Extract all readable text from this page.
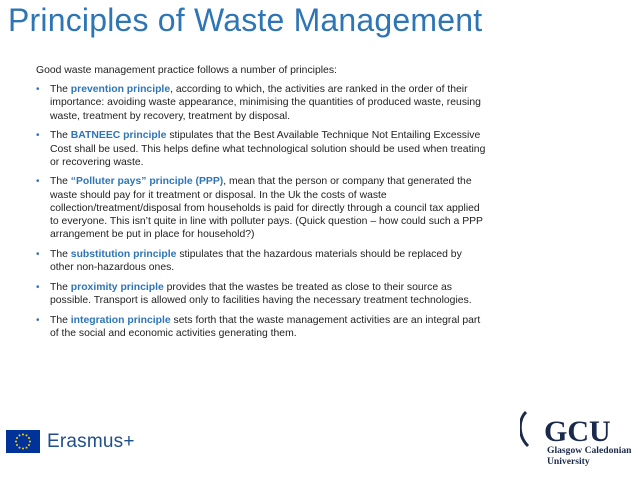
Principles of Waste Management

Good waste management practice follows a number of principles:

• The prevention principle, according to which, the activities are ranked in the order of their importance: avoiding waste appearance, minimising the quantities of produced waste, reusing waste, treatment by recovery, treatment by disposal.
• The BATNEEC principle stipulates that the Best Available Technique Not Entailing Excessive Cost shall be used. This helps define what technological solution should be used when treating or recovering waste.
• The “Polluter pays” principle (PPP), mean that the person or company that generated the waste should pay for it treatment or disposal. In the Uk the costs of waste collection/treatment/disposal from households is paid for directly through a council tax applied to everyone. This isn’t quite in line with polluter pays. (Quick question – how could such a PPP arrangement be put in place for household?)
• The substitution principle stipulates that the hazardous materials should be replaced by other non-hazardous ones.
• The proximity principle provides that the wastes be treated as close to their source as possible. Transport is allowed only to facilities having the necessary treatment technologies.
• The integration principle sets forth that the waste management activities are an integral part of the social and economic activities generating them.
Erasmus+	GCU
Glasgow Caledonian
University
